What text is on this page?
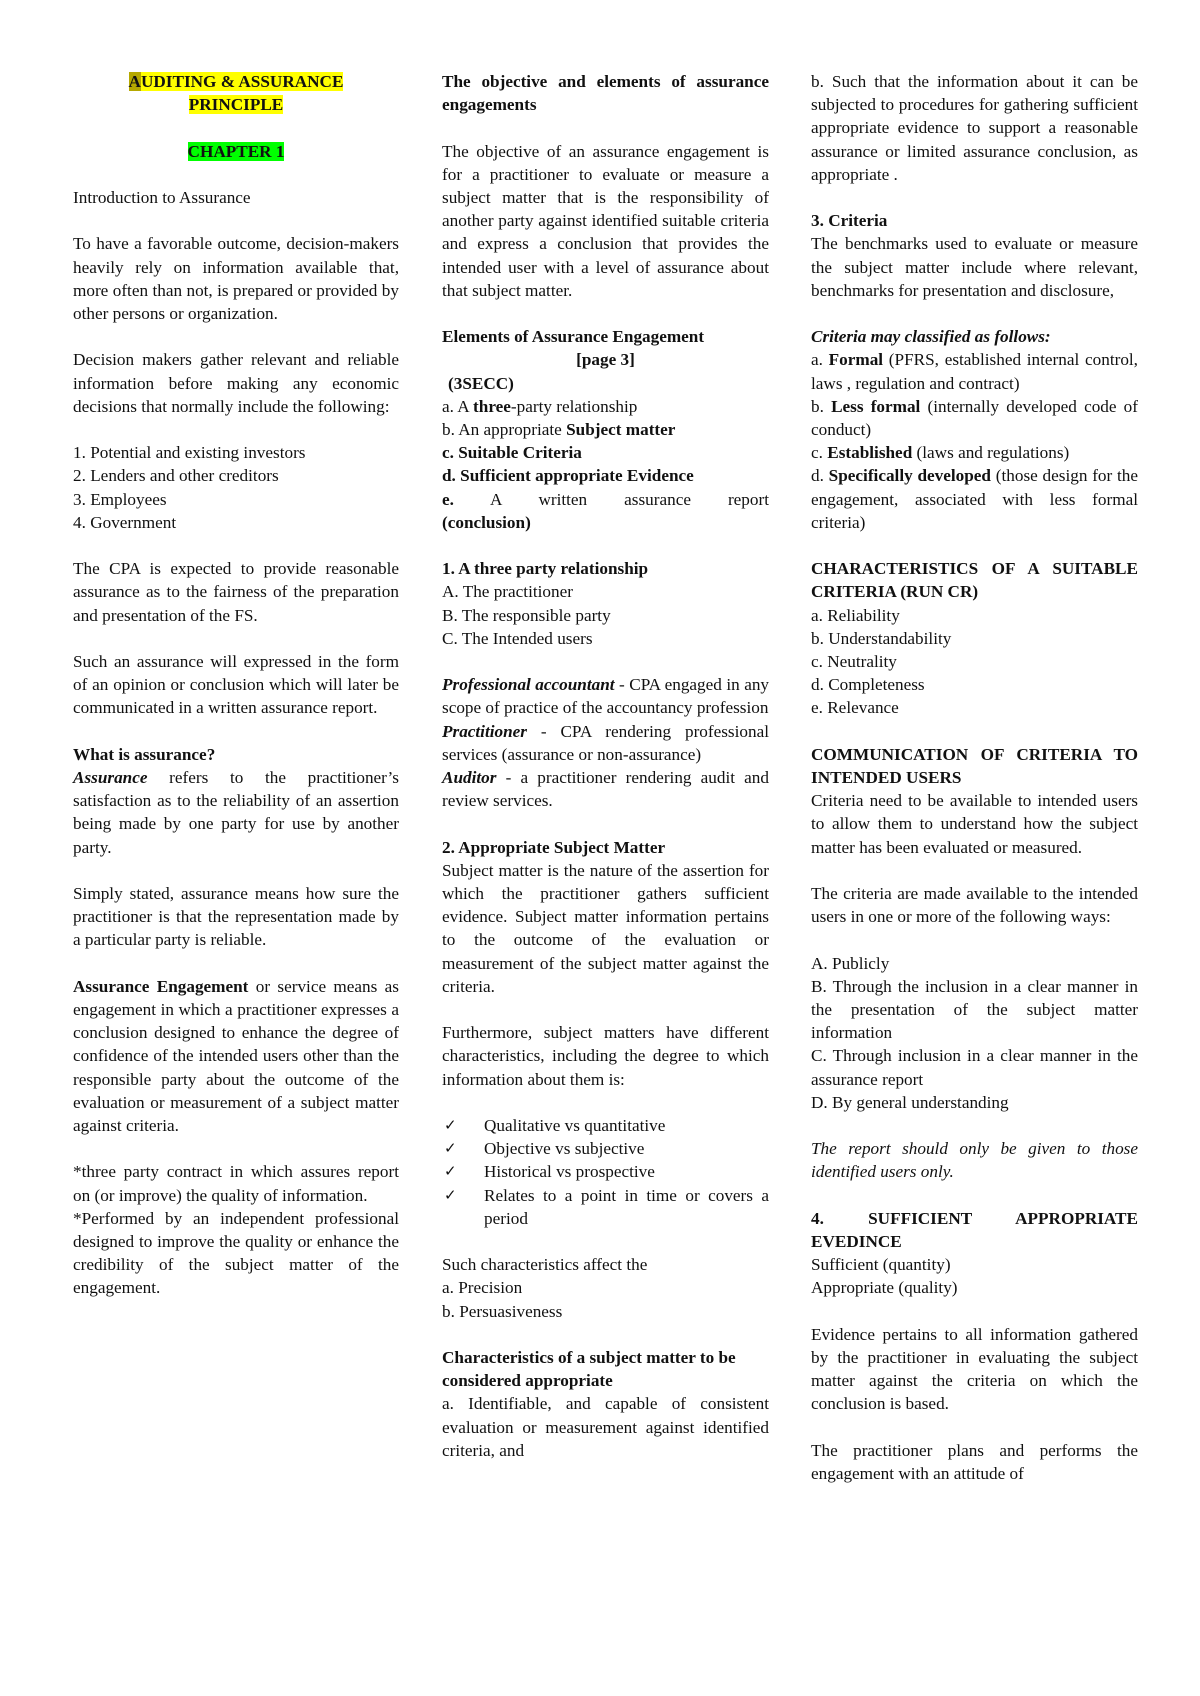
AUDITING & ASSURANCE

PRINCIPLE

CHAPTER 1

Introduction to Assurance

To have a favorable outcome, decision-makers heavily rely on information available that, more often than not, is prepared or provided by other persons or organization.

Decision makers gather relevant and reliable information before making any economic decisions that normally include the following:

1. Potential and existing investors

2. Lenders and other creditors

3. Employees

4. Government

The CPA is expected to provide reasonable assurance as to the fairness of the preparation and presentation of the FS.

Such an assurance will expressed in the form of an opinion or conclusion which will later be communicated in a written assurance report.

What is assurance?

Assurance refers to the practitioner’s satisfaction as to the reliability of an assertion being made by one party for use by another party.

Simply stated, assurance means how sure the practitioner is that the representation made by a particular party is reliable.

Assurance Engagement or service means as engagement in which a practitioner expresses a conclusion designed to enhance the degree of confidence of the intended users other than the responsible party about the outcome of the evaluation or measurement of a subject matter against criteria.

*three party contract in which assures report on (or improve) the quality of information.

*Performed by an independent professional designed to improve the quality or enhance the credibility of the subject matter of the engagement.

The objective and elements of assurance engagements

The objective of an assurance engagement is for a practitioner to evaluate or measure a subject matter that is the responsibility of another party against identified suitable criteria and express a conclusion that provides the intended user with a level of assurance about that subject matter.

Elements of Assurance Engagement

[page 3]

(3SECC)

a. A three-party relationship

b. An appropriate Subject matter

c. Suitable Criteria

d. Sufficient appropriate Evidence

e. A written assurance report

(conclusion)

1. A three party relationship

A. The practitioner

B. The responsible party

C. The Intended users

Professional accountant - CPA engaged in any scope of practice of the accountancy profession

Practitioner - CPA rendering professional services (assurance or non-assurance)

Auditor - a practitioner rendering audit and review services.

2. Appropriate Subject Matter

Subject matter is the nature of the assertion for which the practitioner gathers sufficient evidence. Subject matter information pertains to the outcome of the evaluation or measurement of the subject matter against the criteria.

Furthermore, subject matters have different characteristics, including the degree to which information about them is:

✓	Qualitative vs quantitative
✓	Objective vs subjective
✓	Historical vs prospective
✓	Relates to a point in time or covers a period

Such characteristics affect the

a. Precision

b. Persuasiveness

Characteristics of a subject matter to be considered appropriate

a. Identifiable, and capable of consistent evaluation or measurement against identified criteria, and

b. Such that the information about it can be subjected to procedures for gathering sufficient appropriate evidence to support a reasonable assurance or limited assurance conclusion, as appropriate .

3. Criteria

The benchmarks used to evaluate or measure the subject matter include where relevant, benchmarks for presentation and disclosure,

Criteria may classified as follows:

a. Formal (PFRS, established internal control, laws , regulation and contract)

b. Less formal (internally developed code of conduct)

c. Established (laws and regulations)

d. Specifically developed (those design for the engagement, associated with less formal criteria)

CHARACTERISTICS OF A SUITABLE CRITERIA (RUN CR)

a. Reliability

b. Understandability

c. Neutrality

d. Completeness

e. Relevance

COMMUNICATION OF CRITERIA TO INTENDED USERS

Criteria need to be available to intended users to allow them to understand how the subject matter has been evaluated or measured.

The criteria are made available to the intended users in one or more of the following ways:

A. Publicly

B. Through the inclusion in a clear manner in the presentation of the subject matter information

C. Through inclusion in a clear manner in the assurance report

D. By general understanding

The report should only be given to those identified users only.

4. SUFFICIENT APPROPRIATE EVEDINCE

Sufficient (quantity)

Appropriate (quality)

Evidence pertains to all information gathered by the practitioner in evaluating the subject matter against the criteria on which the conclusion is based.

The practitioner plans and performs the engagement with an attitude of
